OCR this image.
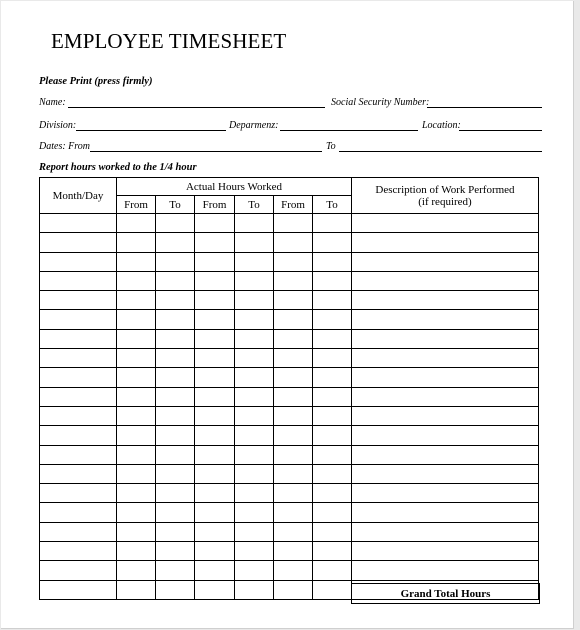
EMPLOYEE TIMESHEET
Please Print (press firmly)
Name:	Social Security Number:
Division:	Deparmenz:	Location:
Dates: From	To
Report hours worked to the 1/4 hour
Month/Day	Actual Hours Worked						Description of Work Performed
(if required)

	From	To	From	To	From	To	

Grand Total Hours
